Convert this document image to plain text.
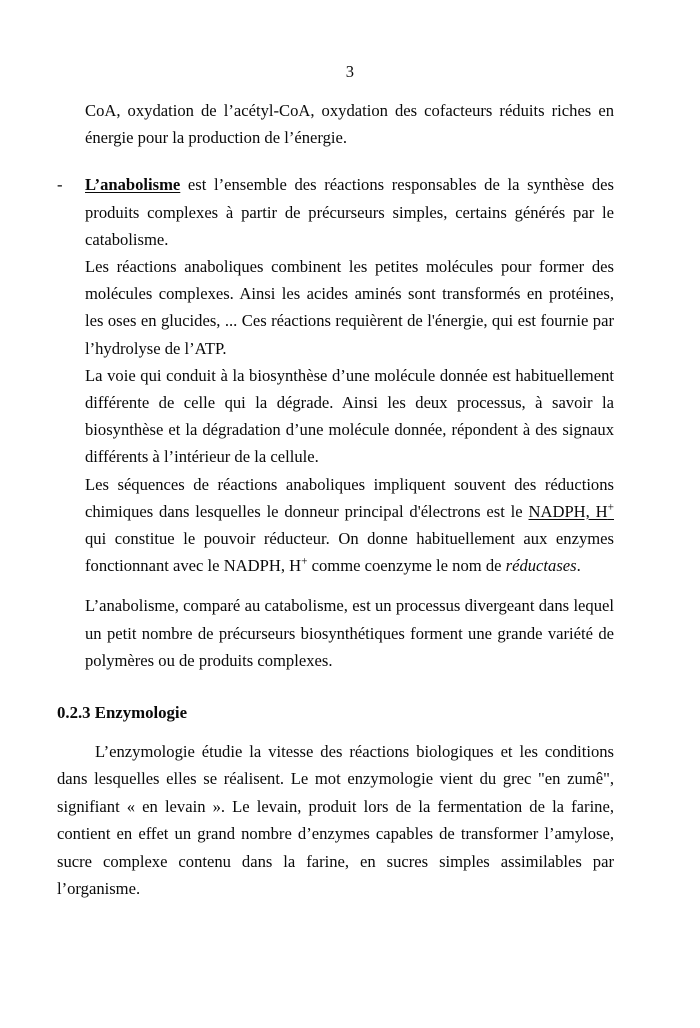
3

CoA, oxydation de l’acétyl-CoA, oxydation des cofacteurs réduits riches en énergie pour la production de l’énergie.

- L’anabolisme est l’ensemble des réactions responsables de la synthèse des produits complexes à partir de précurseurs simples, certains générés par le catabolisme.

Les réactions anaboliques combinent les petites molécules pour former des molécules complexes. Ainsi les acides aminés sont transformés en protéines, les oses en glucides, ... Ces réactions requièrent de l'énergie, qui est fournie par l’hydrolyse de l’ATP.

La voie qui conduit à la biosynthèse d’une molécule donnée est habituellement différente de celle qui la dégrade. Ainsi les deux processus, à savoir la biosynthèse et la dégradation d’une molécule donnée, répondent à des signaux différents à l’intérieur de la cellule.

Les séquences de réactions anaboliques impliquent souvent des réductions chimiques dans lesquelles le donneur principal d'électrons est le NADPH, H+ qui constitue le pouvoir réducteur. On donne habituellement aux enzymes fonctionnant avec le NADPH, H+ comme coenzyme le nom de réductases.

L’anabolisme, comparé au catabolisme, est un processus divergeant dans lequel un petit nombre de précurseurs biosynthétiques forment une grande variété de polymères ou de produits complexes.

0.2.3 Enzymologie

L’enzymologie étudie la vitesse des réactions biologiques et les conditions dans lesquelles elles se réalisent. Le mot enzymologie vient du grec "en zumê", signifiant « en levain ». Le levain, produit lors de la fermentation de la farine, contient en effet un grand nombre d’enzymes capables de transformer l’amylose, sucre complexe contenu dans la farine, en sucres simples assimilables par l’organisme.
